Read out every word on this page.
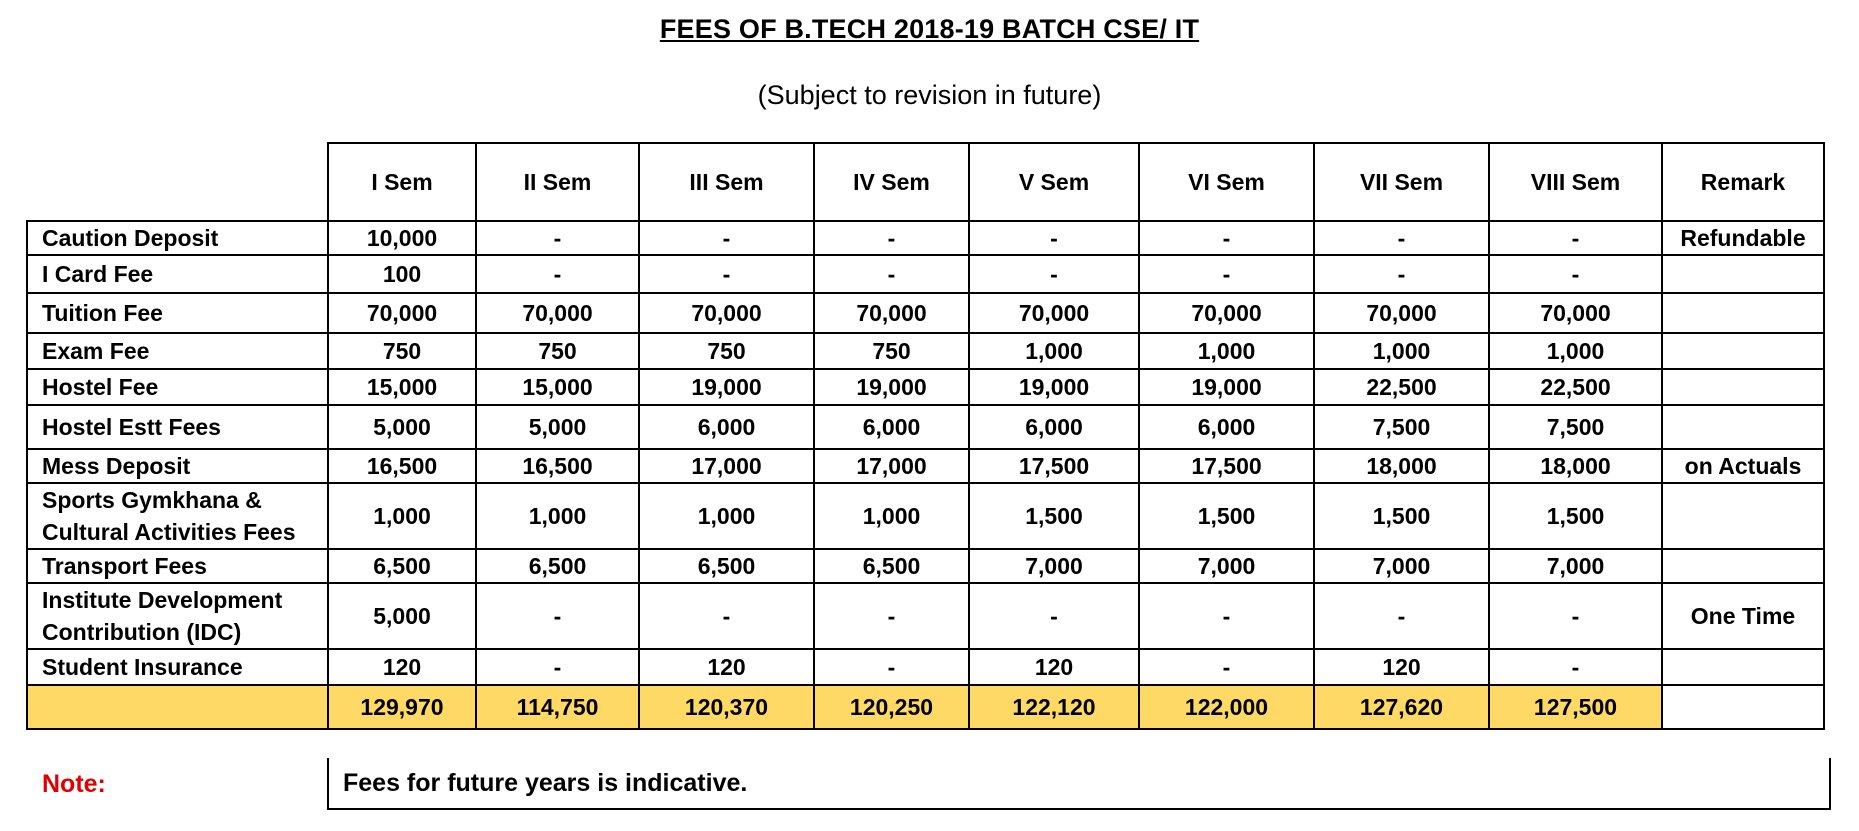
FEES OF B.TECH 2018-19 BATCH CSE/ IT
(Subject to revision in future)
	I Sem	II Sem	III Sem	IV Sem	V Sem	VI Sem	VII Sem	VIII Sem	Remark
Caution Deposit	10,000	-	-	-	-	-	-	-	Refundable
I Card Fee	100	-	-	-	-	-	-	-	
Tuition Fee	70,000	70,000	70,000	70,000	70,000	70,000	70,000	70,000	
Exam Fee	750	750	750	750	1,000	1,000	1,000	1,000	
Hostel Fee	15,000	15,000	19,000	19,000	19,000	19,000	22,500	22,500	
Hostel Estt Fees	5,000	5,000	6,000	6,000	6,000	6,000	7,500	7,500	
Mess Deposit	16,500	16,500	17,000	17,000	17,500	17,500	18,000	18,000	on Actuals
Sports Gymkhana & Cultural Activities Fees	1,000	1,000	1,000	1,000	1,500	1,500	1,500	1,500	
Transport Fees	6,500	6,500	6,500	6,500	7,000	7,000	7,000	7,000	
Institute Development Contribution (IDC)	5,000	-	-	-	-	-	-	-	One Time
Student Insurance	120	-	120	-	120	-	120	-	
	129,970	114,750	120,370	120,250	122,120	122,000	127,620	127,500	
Note:	Fees for future years is indicative.
